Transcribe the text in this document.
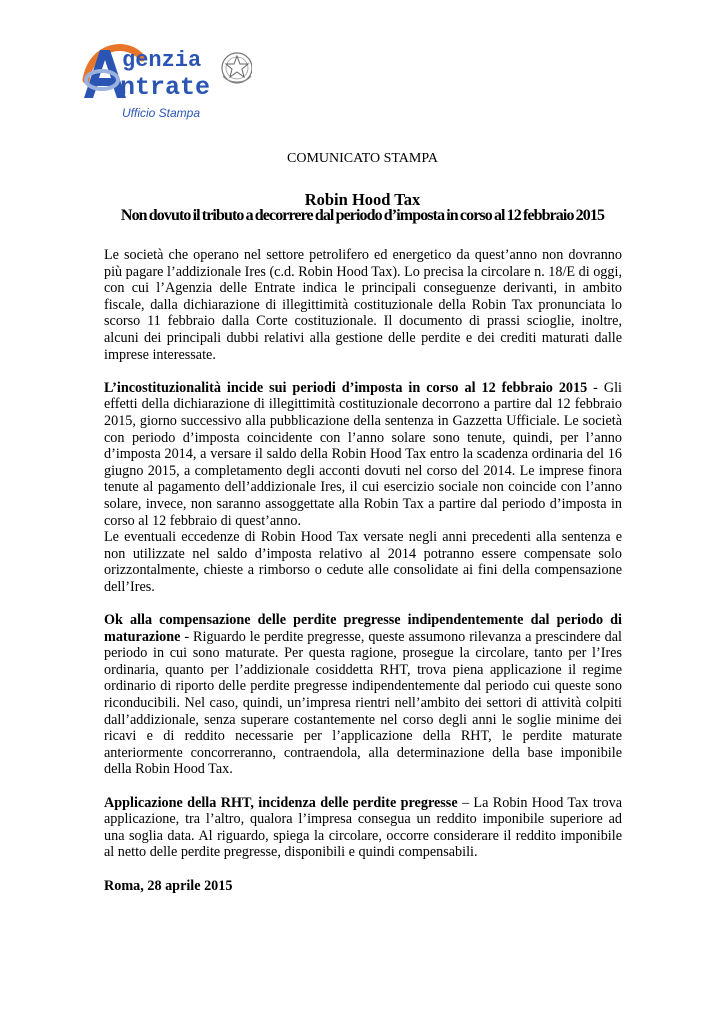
genzia
ntrate
Ufficio Stampa
COMUNICATO STAMPA
Robin Hood Tax
Non dovuto il tributo a decorrere dal periodo d’imposta in corso al 12 febbraio 2015

Le società che operano nel settore petrolifero ed energetico da quest’anno non dovranno più pagare l’addizionale Ires (c.d. Robin Hood Tax). Lo precisa la circolare n. 18/E di oggi, con cui l’Agenzia delle Entrate indica le principali conseguenze derivanti, in ambito fiscale, dalla dichiarazione di illegittimità costituzionale della Robin Tax pronunciata lo scorso 11 febbraio dalla Corte costituzionale. Il documento di prassi scioglie, inoltre, alcuni dei principali dubbi relativi alla gestione delle perdite e dei crediti maturati dalle imprese interessate.

L’incostituzionalità incide sui periodi d’imposta in corso al 12 febbraio 2015 - Gli effetti della dichiarazione di illegittimità costituzionale decorrono a partire dal 12 febbraio 2015, giorno successivo alla pubblicazione della sentenza in Gazzetta Ufficiale. Le società con periodo d’imposta coincidente con l’anno solare sono tenute, quindi, per l’anno d’imposta 2014, a versare il saldo della Robin Hood Tax entro la scadenza ordinaria del 16 giugno 2015, a completamento degli acconti dovuti nel corso del 2014. Le imprese finora tenute al pagamento dell’addizionale Ires, il cui esercizio sociale non coincide con l’anno solare, invece, non saranno assoggettate alla Robin Tax a partire dal periodo d’imposta in corso al 12 febbraio di quest’anno.

Le eventuali eccedenze di Robin Hood Tax versate negli anni precedenti alla sentenza e non utilizzate nel saldo d’imposta relativo al 2014 potranno essere compensate solo orizzontalmente, chieste a rimborso o cedute alle consolidate ai fini della compensazione dell’Ires.

Ok alla compensazione delle perdite pregresse indipendentemente dal periodo di maturazione - Riguardo le perdite pregresse, queste assumono rilevanza a prescindere dal periodo in cui sono maturate. Per questa ragione, prosegue la circolare, tanto per l’Ires ordinaria, quanto per l’addizionale cosiddetta RHT, trova piena applicazione il regime ordinario di riporto delle perdite pregresse indipendentemente dal periodo cui queste sono riconducibili. Nel caso, quindi, un’impresa rientri nell’ambito dei settori di attività colpiti dall’addizionale, senza superare costantemente nel corso degli anni le soglie minime dei ricavi e di reddito necessarie per l’applicazione della RHT, le perdite maturate anteriormente concorreranno, contraendola, alla determinazione della base imponibile della Robin Hood Tax.

Applicazione della RHT, incidenza delle perdite pregresse – La Robin Hood Tax trova applicazione, tra l’altro, qualora l’impresa consegua un reddito imponibile superiore ad una soglia data. Al riguardo, spiega la circolare, occorre considerare il reddito imponibile al netto delle perdite pregresse, disponibili e quindi compensabili.

Roma, 28 aprile 2015
